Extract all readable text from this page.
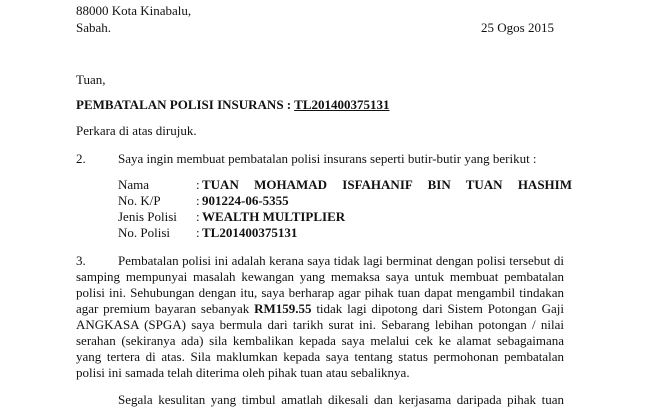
88000 Kota Kinabalu,
Sabah.	25 Ogos 2015
Tuan,
PEMBATALAN POLISI INSURANS : TL201400375131
Perkara di atas dirujuk.
2. Saya ingin membuat pembatalan polisi insurans seperti butir-butir yang berikut :
Nama	: TUAN MOHAMAD ISFAHANIF BIN TUAN HASHIM
No. K/P	: 901224-06-5355
Jenis Polisi : WEALTH MULTIPLIER
No. Polisi : TL201400375131
3. Pembatalan polisi ini adalah kerana saya tidak lagi berminat dengan polisi tersebut di
samping mempunyai masalah kewangan yang memaksa saya untuk membuat pembatalan
polisi ini. Sehubungan dengan itu, saya berharap agar pihak tuan dapat mengambil tindakan
agar premium bayaran sebanyak RM159.55 tidak lagi dipotong dari Sistem Potongan Gaji
ANGKASA (SPGA) saya bermula dari tarikh surat ini. Sebarang lebihan potongan / nilai
serahan (sekiranya ada) sila kembalikan kepada saya melalui cek ke alamat sebagaimana
yang tertera di atas. Sila maklumkan kepada saya tentang status permohonan pembatalan
polisi ini samada telah diterima oleh pihak tuan atau sebaliknya.
Segala kesulitan yang timbul amatlah dikesali dan kerjasama daripada pihak tuan
